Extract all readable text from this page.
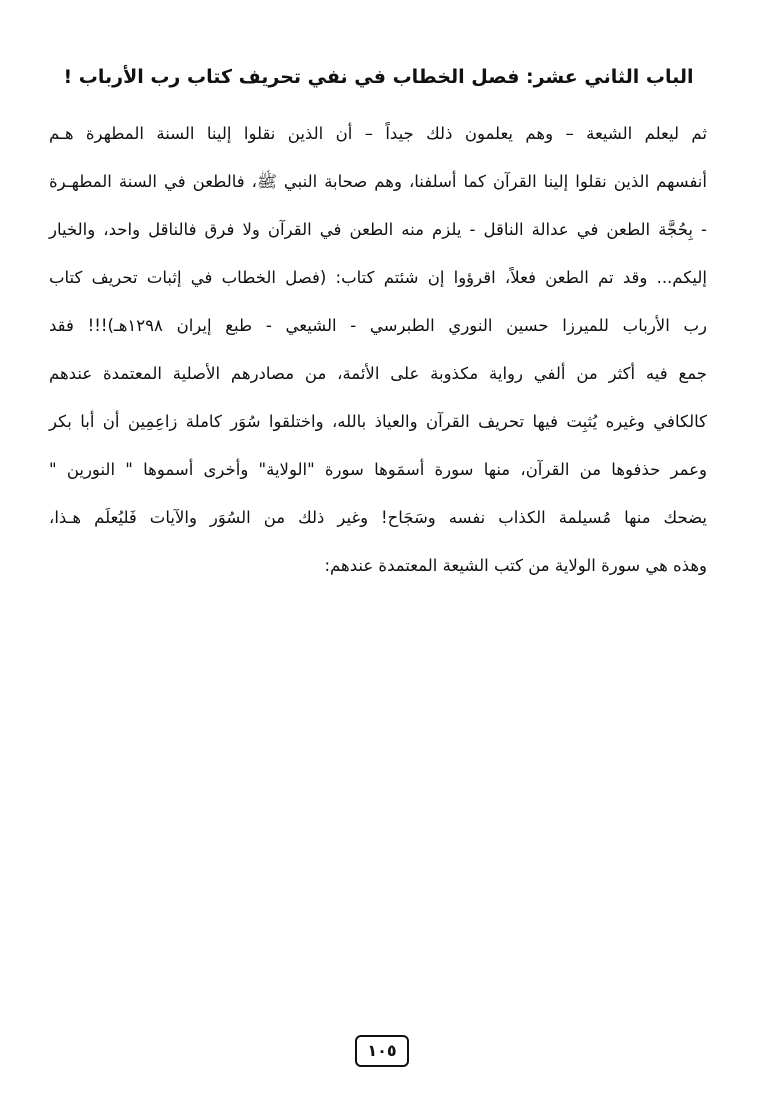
الباب الثاني عشر: فصل الخطاب في نفي تحريف كتاب رب الأرباب !
ثم ليعلم الشيعة – وهم يعلمون ذلك جيداً – أن الذين نقلوا إلينا السنة المطهرة هـم
أنفسهم الذين نقلوا إلينا القرآن كما أسلفنا، وهم صحابة النبي ﷺ، فالطعن في السنة المطهـرة
- بِحُجَّة الطعن في عدالة الناقل - يلزم منه الطعن في القرآن ولا فرق فالناقل واحد، والخيار
إليكم... وقد تم الطعن فعلاً، اقرؤوا إن شئتم كتاب: (فصل الخطاب في إثبات تحريف كتاب
رب الأرباب للميرزا حسين النوري الطبرسي - الشيعي - طبع إيران ١٢٩٨هـ)!!! فقد
جمع فيه أكثر من ألفي رواية مكذوبة على الأئمة، من مصادرهم الأصلية المعتمدة عندهم
كالكافي وغيره يُثبِت فيها تحريف القرآن والعياذ بالله، واختلقوا سُوَر كاملة زاعِمِين أن أبا بكر
وعمر حذفوها من القرآن، منها سورة أسمَوها سورة "الولاية" وأخرى أسموها " النورين "
يضحك منها مُسيلمة الكذاب نفسه وسَجَاح! وغير ذلك من السُوَر والآيات فَليُعلَم هـذا،
وهذه هي سورة الولاية من كتب الشيعة المعتمدة عندهم:
١٠٥
